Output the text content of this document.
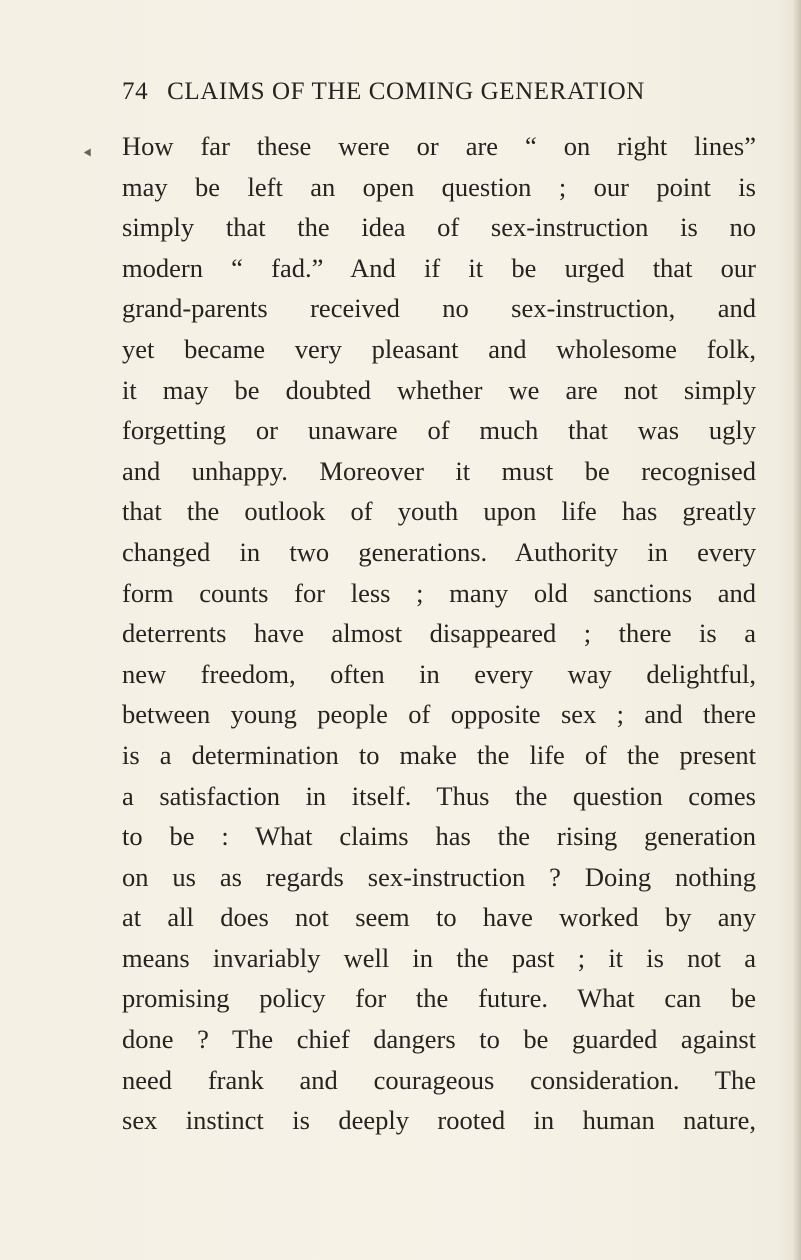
74 CLAIMS OF THE COMING GENERATION
How far these were or are “ on right lines”
may be left an open question ; our point is
simply that the idea of sex-instruction is no
modern “ fad.” And if it be urged that our
grand-parents received no sex-instruction, and
yet became very pleasant and wholesome folk,
it may be doubted whether we are not simply
forgetting or unaware of much that was ugly
and unhappy. Moreover it must be recognised
that the outlook of youth upon life has greatly
changed in two generations. Authority in every
form counts for less ; many old sanctions and
deterrents have almost disappeared ; there is a
new freedom, often in every way delightful,
between young people of opposite sex ; and there
is a determination to make the life of the present
a satisfaction in itself. Thus the question comes
to be : What claims has the rising generation
on us as regards sex-instruction ? Doing nothing
at all does not seem to have worked by any
means invariably well in the past ; it is not a
promising policy for the future. What can be
done ? The chief dangers to be guarded against
need frank and courageous consideration. The
sex instinct is deeply rooted in human nature,
